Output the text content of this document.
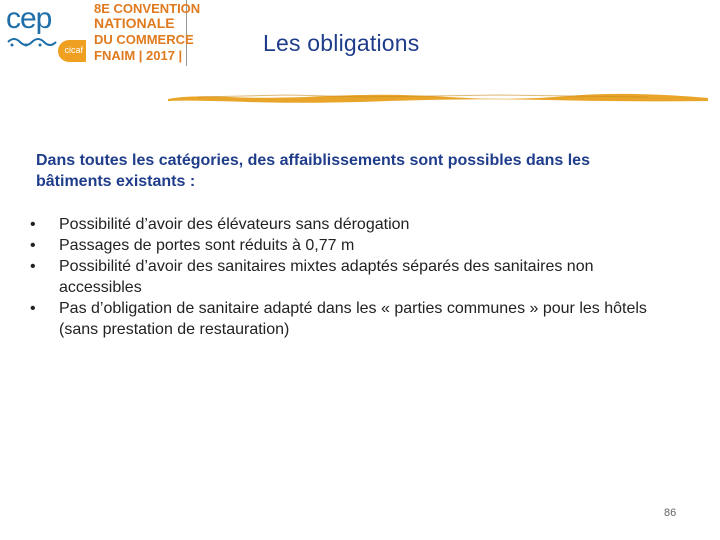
cep
cicaf
8E CONVENTION
NATIONALE
DU COMMERCE
FNAIM | 2017 |	Les obligations
Dans toutes les catégories, des affaiblissements sont possibles dans les bâtiments existants :
•	Possibilité d’avoir des élévateurs sans dérogation
•	Passages de portes sont réduits à 0,77 m
•	Possibilité d’avoir des sanitaires mixtes adaptés séparés des sanitaires non accessibles
•	Pas d’obligation de sanitaire adapté dans les « parties communes » pour les hôtels (sans prestation de restauration)
86
